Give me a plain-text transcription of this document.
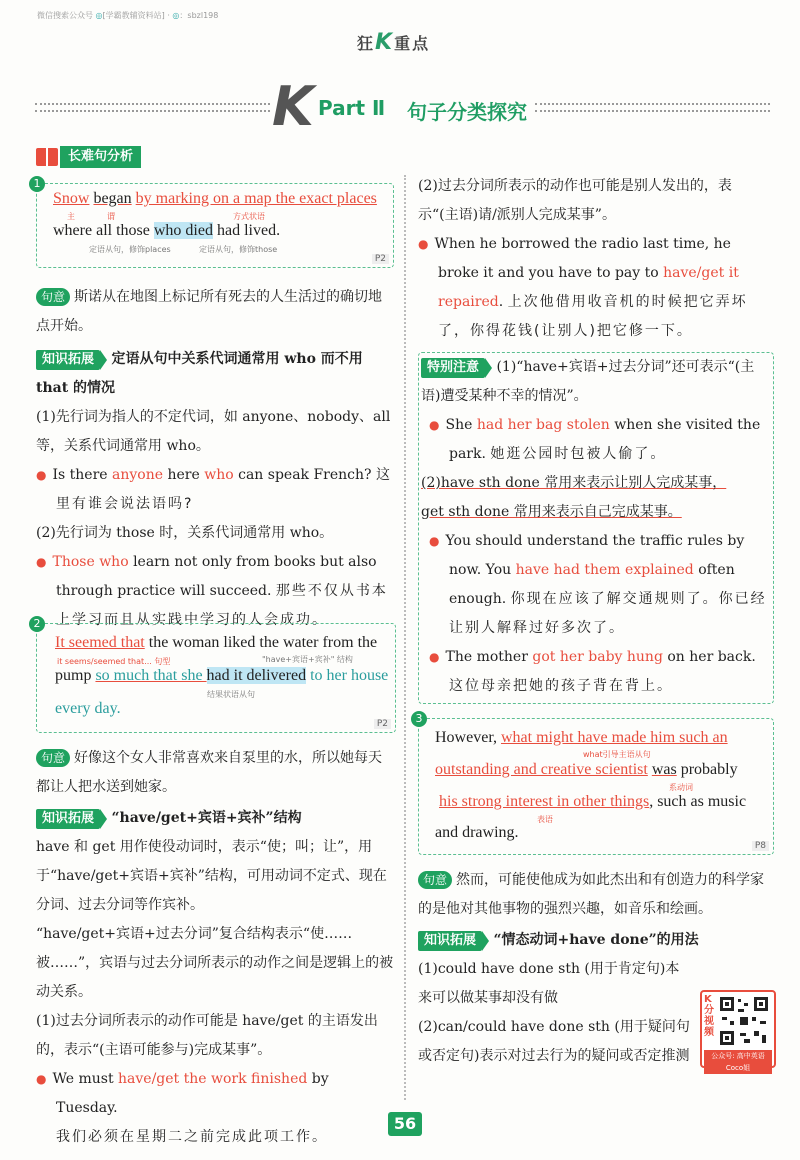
微信搜索公众号 ◎[学霸教辅资料站] · ◎：sbzl198
狂K重点
K Part Ⅱ 句子分类探究
长难句分析
1
Snow began by marking on a map the exact places
主	谓	方式状语
where all those who died had lived.
定语从句，修饰places	定语从句，修饰those
P2
句意 斯诺从在地图上标记所有死去的人生活过的确切地点开始。
知识拓展	定语从句中关系代词通常用 who 而不用 that 的情况
(1)先行词为指人的不定代词，如 anyone、nobody、all 等，关系代词通常用 who。
● Is there anyone here who can speak French? 这里有谁会说法语吗?
(2)先行词为 those 时，关系代词通常用 who。
● Those who learn not only from books but also through practice will succeed. 那些不仅从书本上学习而且从实践中学习的人会成功。
2
It seemed that the woman liked the water from the
it seems/seemed that... 句型	"have+宾语+宾补" 结构
pump so much that she had it delivered to her house
结果状语从句
every day.
P2
句意 好像这个女人非常喜欢来自泵里的水，所以她每天都让人把水送到她家。
知识拓展	“have/get+宾语+宾补”结构
have 和 get 用作使役动词时，表示“使；叫；让”，用于“have/get+宾语+宾补”结构，可用动词不定式、现在分词、过去分词等作宾补。
“have/get+宾语+过去分词”复合结构表示“使……被……”，宾语与过去分词所表示的动作之间是逻辑上的被动关系。
(1)过去分词所表示的动作可能是 have/get 的主语发出的，表示“(主语可能参与)完成某事”。
● We must have/get the work finished by Tuesday.
我们必须在星期二之前完成此项工作。
(2)过去分词所表示的动作也可能是别人发出的，表示“(主语)请/派别人完成某事”。
● When he borrowed the radio last time, he broke it and you have to pay to have/get it repaired. 上次他借用收音机的时候把它弄坏了，你得花钱(让别人)把它修一下。
特别注意	(1)“have+宾语+过去分词”还可表示“(主语)遭受某种不幸的情况”。
● She had her bag stolen when she visited the park. 她逛公园时包被人偷了。
(2)have sth done 常用来表示让别人完成某事，
get sth done 常用来表示自己完成某事。
● You should understand the traffic rules by now. You have had them explained often enough. 你现在应该了解交通规则了。你已经让别人解释过好多次了。
● The mother got her baby hung on her back. 这位母亲把她的孩子背在背上。
3
However, what might have made him such an
what引导主语从句
outstanding and creative scientist was probably
系动词
his strong interest in other things, such as music
表语
and drawing.
P8
句意 然而，可能使他成为如此杰出和有创造力的科学家的是他对其他事物的强烈兴趣，如音乐和绘画。
知识拓展	“情态动词+have done”的用法
(1)could have done sth (用于肯定句)本来可以做某事却没有做
(2)can/could have done sth (用于疑问句或否定句)表示对过去行为的疑问或否定推测
K分视频
公众号: 高中英语Coco姐
56
